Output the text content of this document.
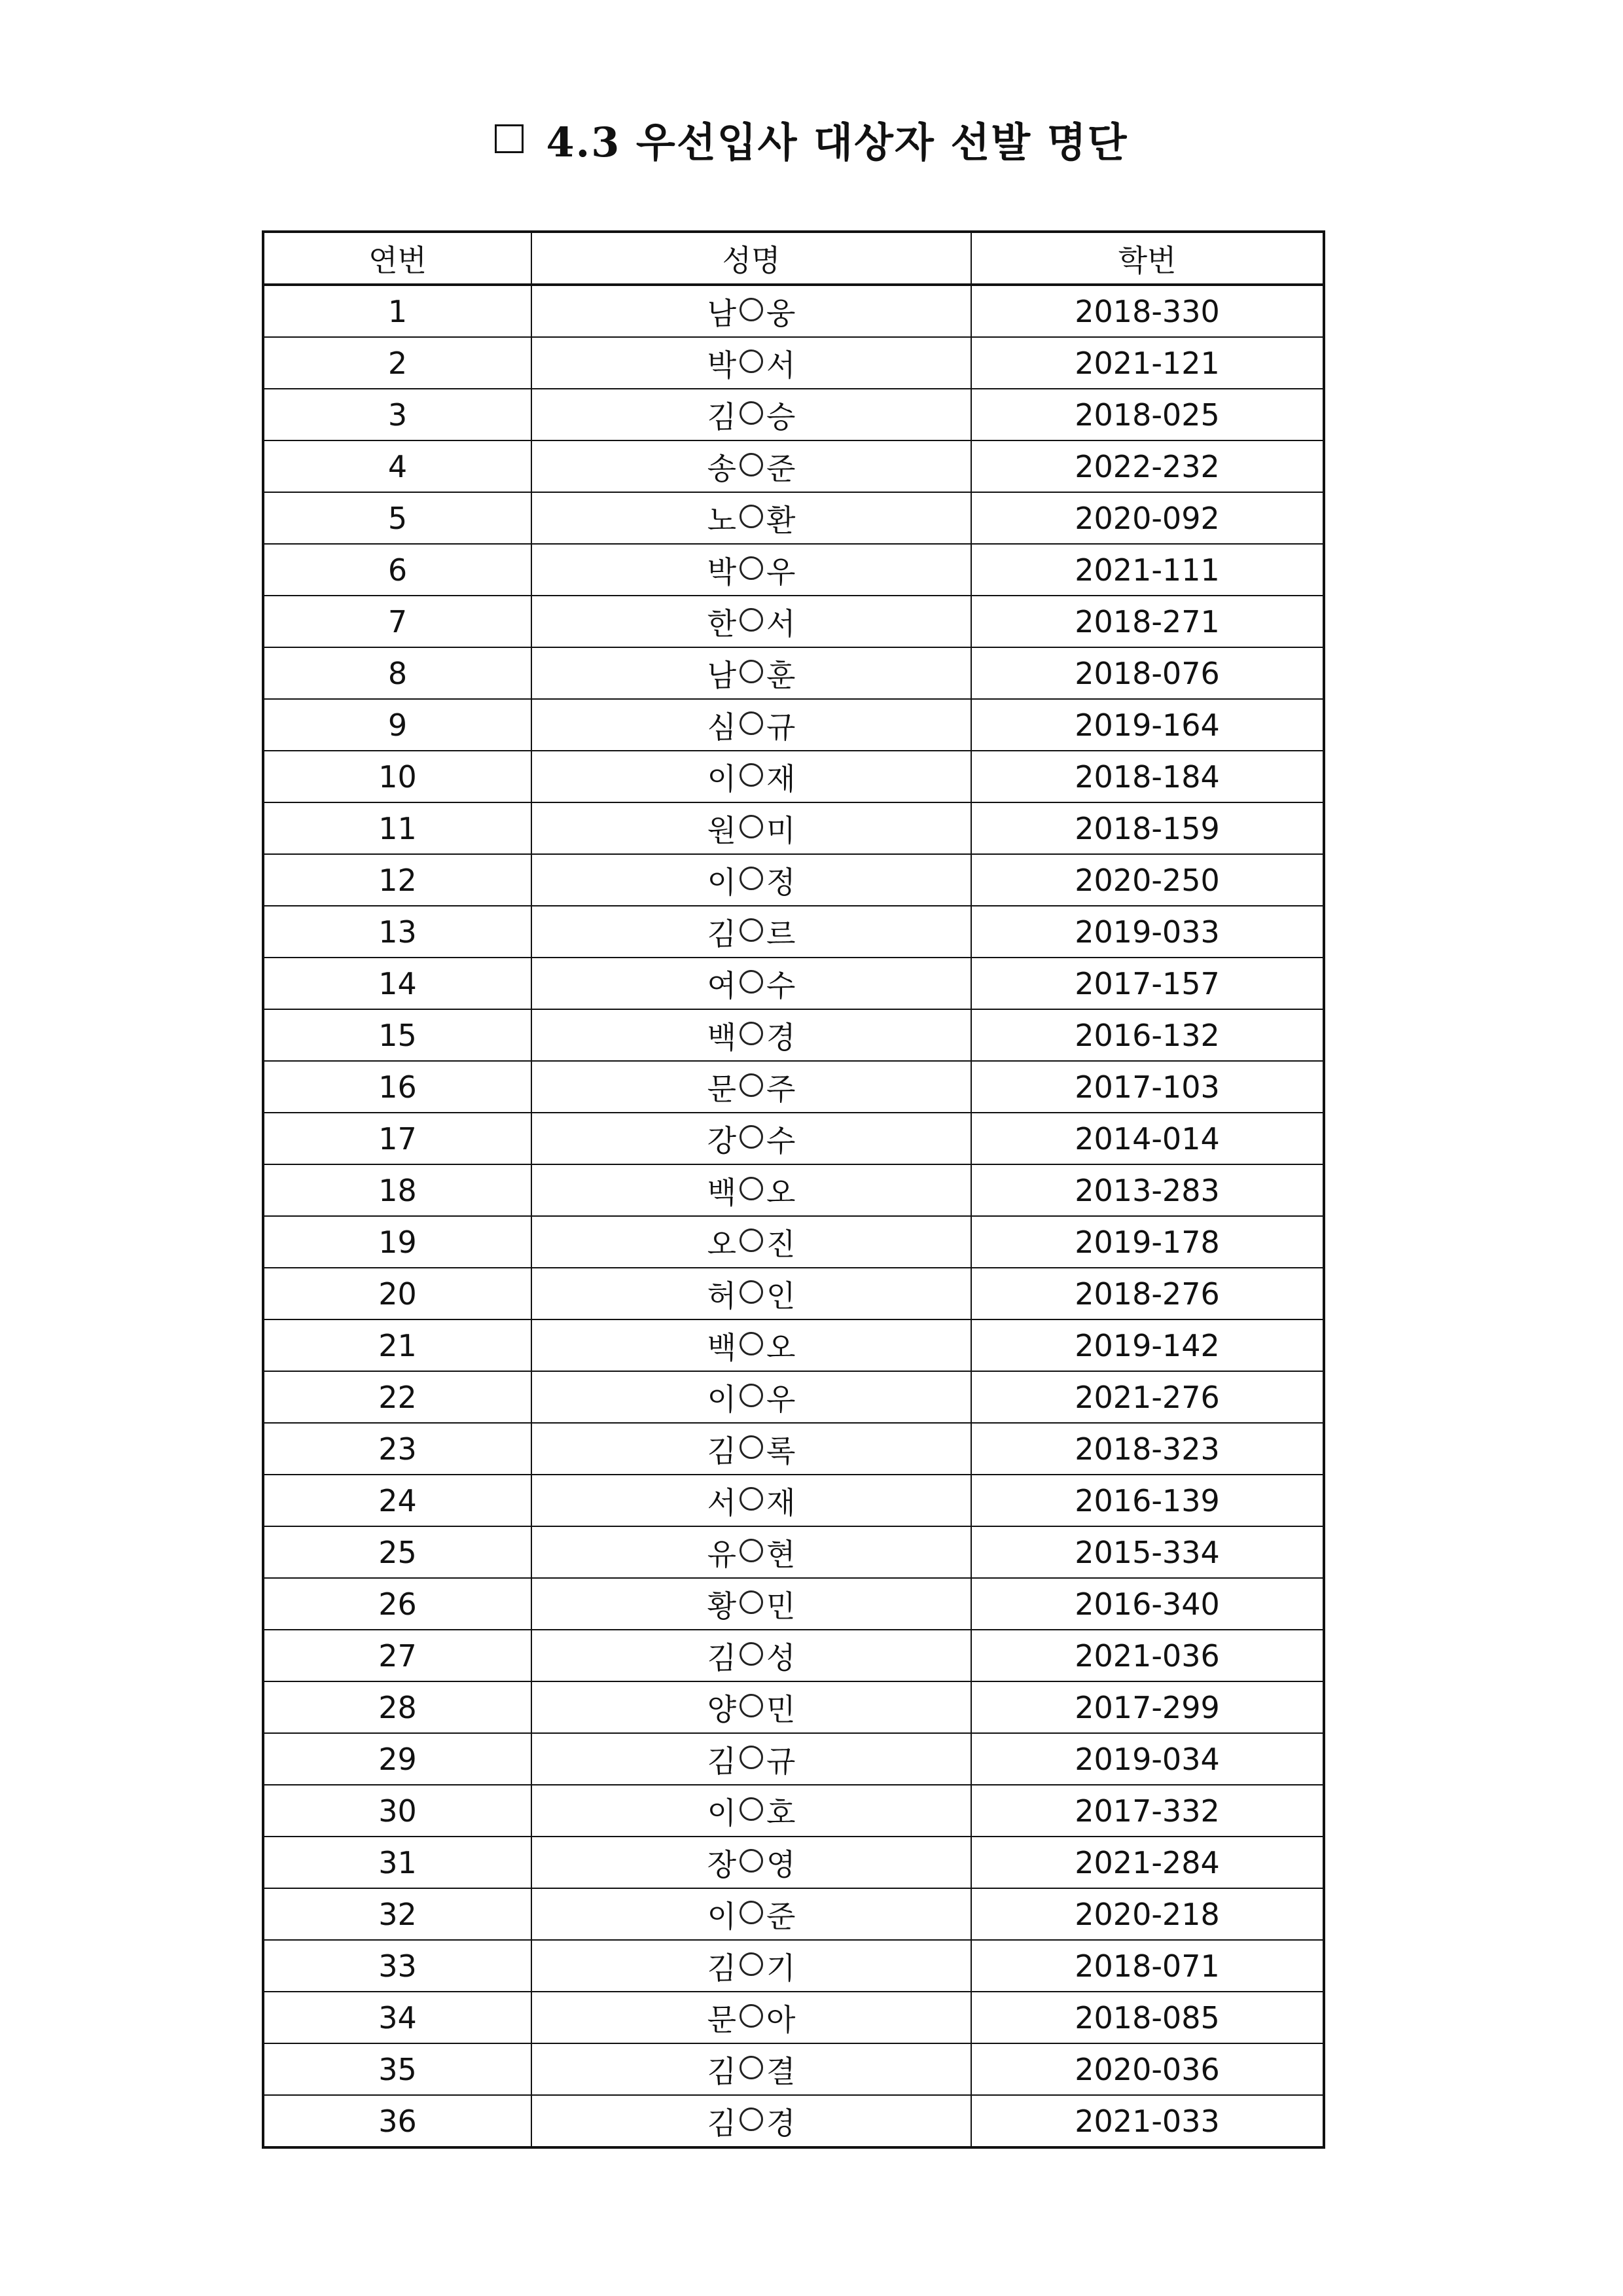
4.3 우선입사 대상자 선발 명단
연번	성명	학번
1	남 웅	2018-330
2	박 서	2021-121
3	김 승	2018-025
4	송 준	2022-232
5	노 환	2020-092
6	박 우	2021-111
7	한 서	2018-271
8	남 훈	2018-076
9	심 규	2019-164
10	이 재	2018-184
11	원 미	2018-159
12	이 정	2020-250
13	김 르	2019-033
14	여 수	2017-157
15	백 경	2016-132
16	문 주	2017-103
17	강 수	2014-014
18	백 오	2013-283
19	오 진	2019-178
20	허 인	2018-276
21	백 오	2019-142
22	이 우	2021-276
23	김 록	2018-323
24	서 재	2016-139
25	유 현	2015-334
26	황 민	2016-340
27	김 성	2021-036
28	양 민	2017-299
29	김 규	2019-034
30	이 호	2017-332
31	장 영	2021-284
32	이 준	2020-218
33	김 기	2018-071
34	문 아	2018-085
35	김 결	2020-036
36	김 경	2021-033
